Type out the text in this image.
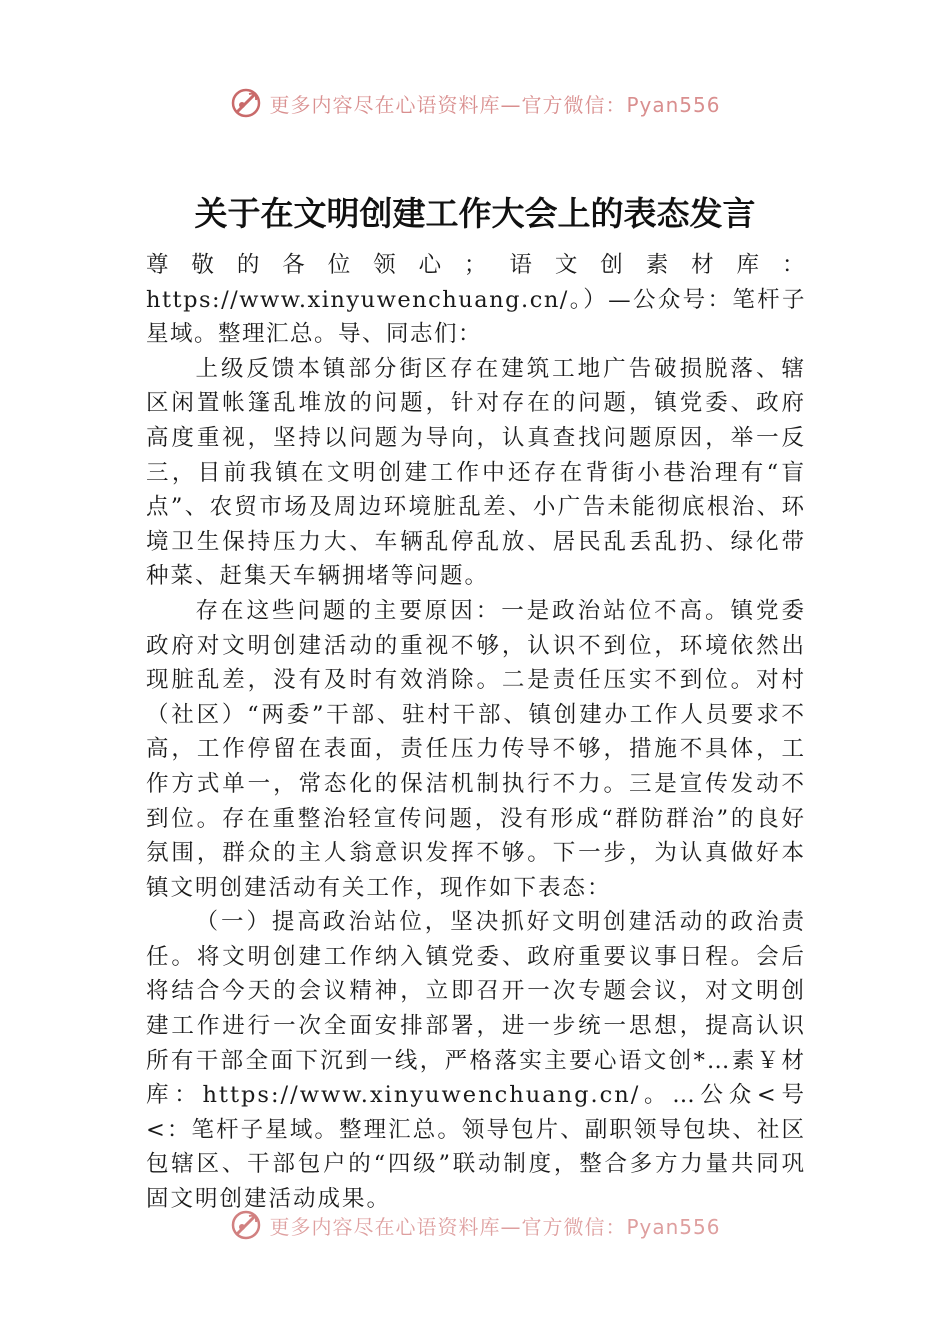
更多内容尽在心语资料库—官方微信：Pyan556
关于在文明创建工作大会上的表态发言

尊敬的各位领心；语文创素材库：https://www.xinyuwenchuang.cn/。）—公众号：笔杆子星域。整理汇总。导、同志们：

上级反馈本镇部分街区存在建筑工地广告破损脱落、辖区闲置帐篷乱堆放的问题，针对存在的问题，镇党委、政府高度重视，坚持以问题为导向，认真查找问题原因，举一反三，目前我镇在文明创建工作中还存在背街小巷治理有“盲点”、农贸市场及周边环境脏乱差、小广告未能彻底根治、环境卫生保持压力大、车辆乱停乱放、居民乱丢乱扔、绿化带种菜、赶集天车辆拥堵等问题。

存在这些问题的主要原因：一是政治站位不高。镇党委政府对文明创建活动的重视不够，认识不到位，环境依然出现脏乱差，没有及时有效消除。二是责任压实不到位。对村（社区）“两委”干部、驻村干部、镇创建办工作人员要求不高，工作停留在表面，责任压力传导不够，措施不具体，工作方式单一，常态化的保洁机制执行不力。三是宣传发动不到位。存在重整治轻宣传问题，没有形成“群防群治”的良好氛围，群众的主人翁意识发挥不够。下一步，为认真做好本镇文明创建活动有关工作，现作如下表态：

（一）提高政治站位，坚决抓好文明创建活动的政治责任。将文明创建工作纳入镇党委、政府重要议事日程。会后将结合今天的会议精神，立即召开一次专题会议，对文明创建工作进行一次全面安排部署，进一步统一思想，提高认识所有干部全面下沉到一线，严格落实主要心语文创*…素￥材库：https://www.xinyuwenchuang.cn/。…公众<号<：笔杆子星域。整理汇总。领导包片、副职领导包块、社区包辖区、干部包户的“四级”联动制度，整合多方力量共同巩固文明创建活动成果。

更多内容尽在心语资料库—官方微信：Pyan556
